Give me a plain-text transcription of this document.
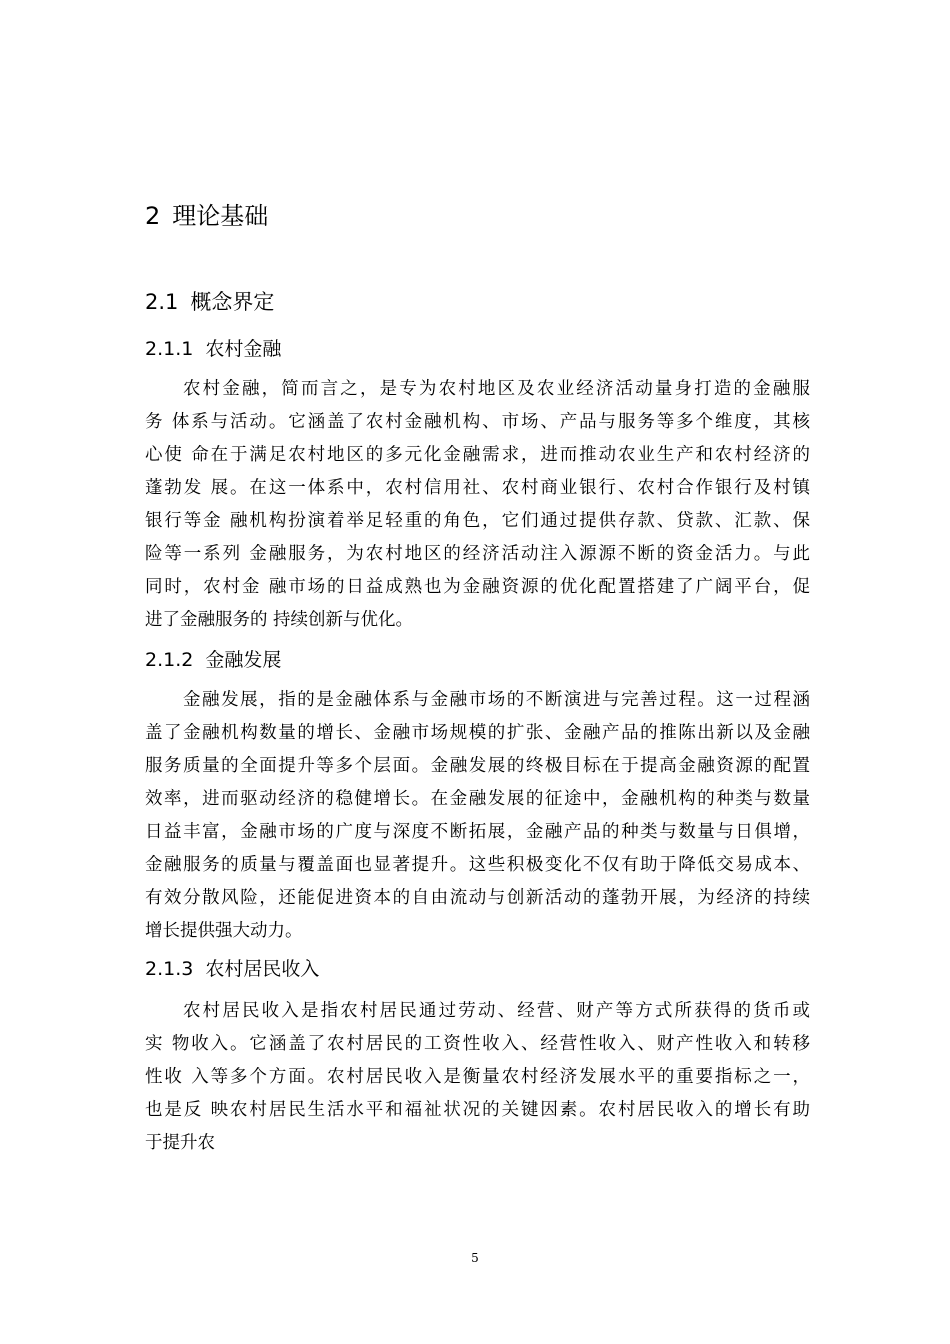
2 理论基础
2.1 概念界定
2.1.1 农村金融
农村金融，简而言之，是专为农村地区及农业经济活动量身打造的金融服
务 体系与活动。它涵盖了农村金融机构、市场、产品与服务等多个维度，其核
心使 命在于满足农村地区的多元化金融需求，进而推动农业生产和农村经济的
蓬勃发 展。在这一体系中，农村信用社、农村商业银行、农村合作银行及村镇
银行等金 融机构扮演着举足轻重的角色，它们通过提供存款、贷款、汇款、保
险等一系列 金融服务，为农村地区的经济活动注入源源不断的资金活力。与此
同时，农村金 融市场的日益成熟也为金融资源的优化配置搭建了广阔平台，促
进了金融服务的 持续创新与优化。
2.1.2 金融发展
金融发展，指的是金融体系与金融市场的不断演进与完善过程。这一过程涵
盖了金融机构数量的增长、金融市场规模的扩张、金融产品的推陈出新以及金融
服务质量的全面提升等多个层面。金融发展的终极目标在于提高金融资源的配置
效率，进而驱动经济的稳健增长。在金融发展的征途中，金融机构的种类与数量
日益丰富，金融市场的广度与深度不断拓展，金融产品的种类与数量与日俱增，
金融服务的质量与覆盖面也显著提升。这些积极变化不仅有助于降低交易成本、
有效分散风险，还能促进资本的自由流动与创新活动的蓬勃开展，为经济的持续
增长提供强大动力。
2.1.3 农村居民收入
农村居民收入是指农村居民通过劳动、经营、财产等方式所获得的货币或
实 物收入。它涵盖了农村居民的工资性收入、经营性收入、财产性收入和转移
性收 入等多个方面。农村居民收入是衡量农村经济发展水平的重要指标之一，
也是反 映农村居民生活水平和福祉状况的关键因素。农村居民收入的增长有助
于提升农
5
